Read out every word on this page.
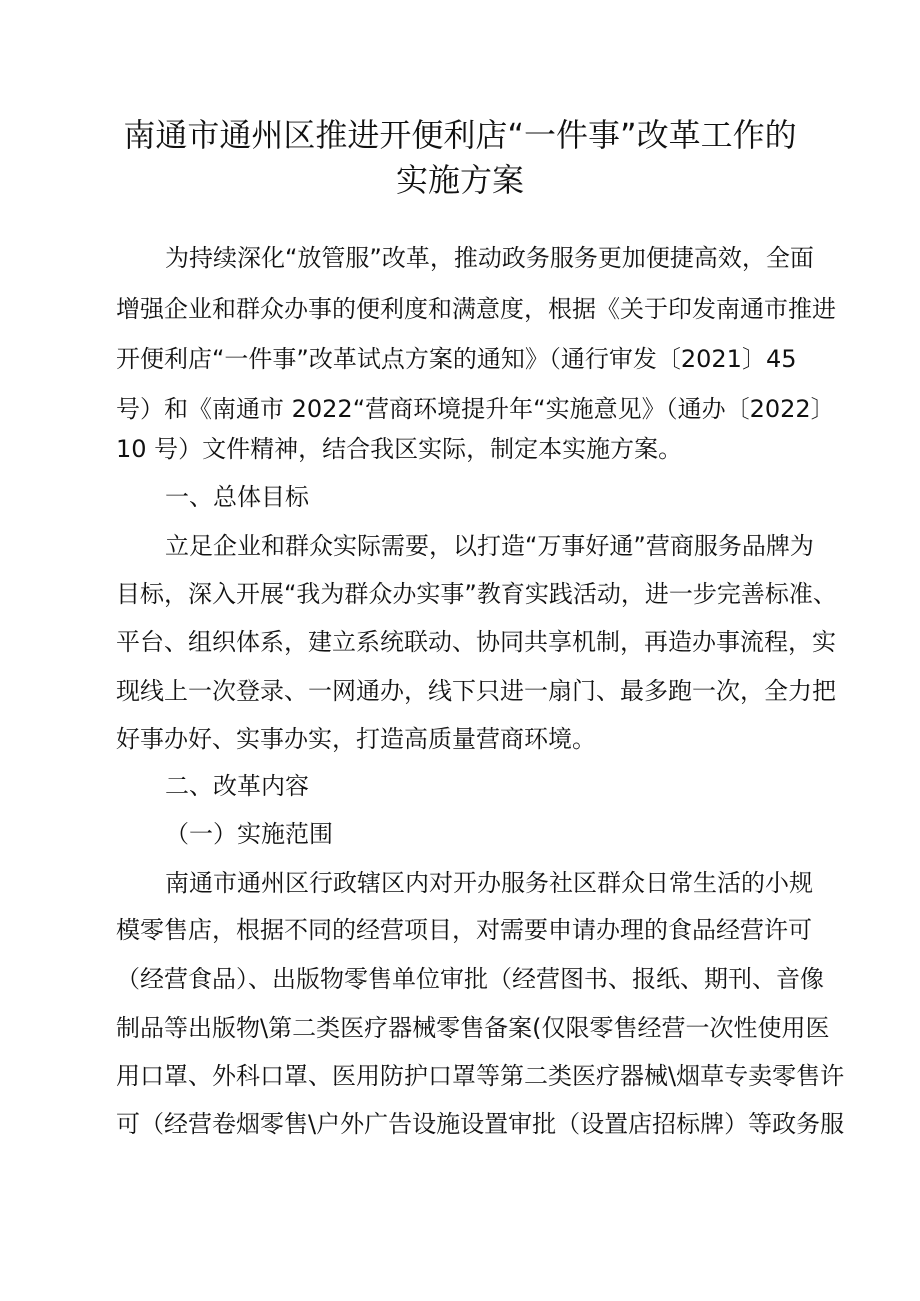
南通市通州区推进开便利店“一件事”改革工作的
实施方案
为持续深化“放管服”改革，推动政务服务更加便捷高效，全面
增强企业和群众办事的便利度和满意度，根据《关于印发南通市推进
开便利店“一件事”改革试点方案的通知》（通行审发〔2021〕45
号）和《南通市 2022“营商环境提升年“实施意见》（通办〔2022〕
10 号）文件精神，结合我区实际，制定本实施方案。
一、总体目标
立足企业和群众实际需要，以打造“万事好通”营商服务品牌为
目标，深入开展“我为群众办实事”教育实践活动，进一步完善标准、
平台、组织体系，建立系统联动、协同共享机制，再造办事流程，实
现线上一次登录、一网通办，线下只进一扇门、最多跑一次，全力把
好事办好、实事办实，打造高质量营商环境。
二、改革内容
（一）实施范围
南通市通州区行政辖区内对开办服务社区群众日常生活的小规
模零售店，根据不同的经营项目，对需要申请办理的食品经营许可
（经营食品）、出版物零售单位审批（经营图书、报纸、期刊、音像
制品等出版物\第二类医疗器械零售备案(仅限零售经营一次性使用医
用口罩、外科口罩、医用防护口罩等第二类医疗器械\烟草专卖零售许
可（经营卷烟零售\户外广告设施设置审批（设置店招标牌）等政务服
